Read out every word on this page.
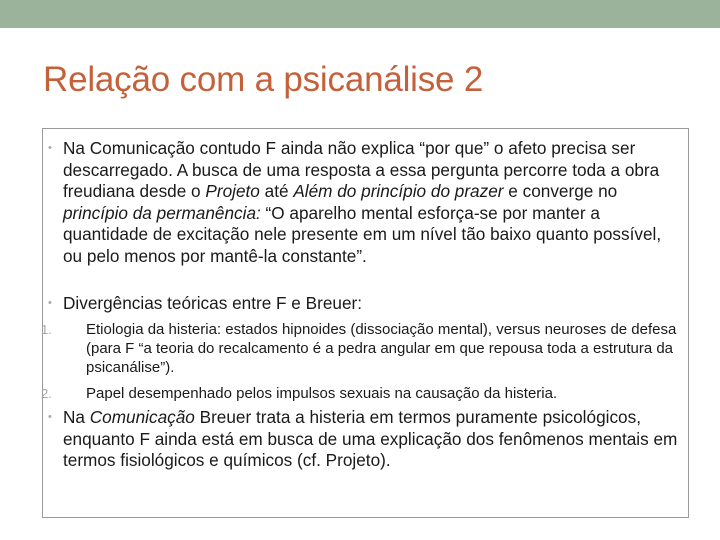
Relação com a psicanálise 2

• Na Comunicação contudo F ainda não explica “por que” o afeto precisa ser descarregado. A busca de uma resposta a essa pergunta percorre toda a obra freudiana desde o Projeto até Além do princípio do prazer e converge no princípio da permanência: “O aparelho mental esforça-se por manter a quantidade de excitação nele presente em um nível tão baixo quanto possível, ou pelo menos por mantê-la constante”.

• Divergências teóricas entre F e Breuer:

1. Etiologia da histeria: estados hipnoides (dissociação mental), versus neuroses de defesa (para F “a teoria do recalcamento é a pedra angular em que repousa toda a estrutura da psicanálise”).

2. Papel desempenhado pelos impulsos sexuais na causação da histeria.

• Na Comunicação Breuer trata a histeria em termos puramente psicológicos, enquanto F ainda está em busca de uma explicação dos fenômenos mentais em termos fisiológicos e químicos (cf. Projeto).
